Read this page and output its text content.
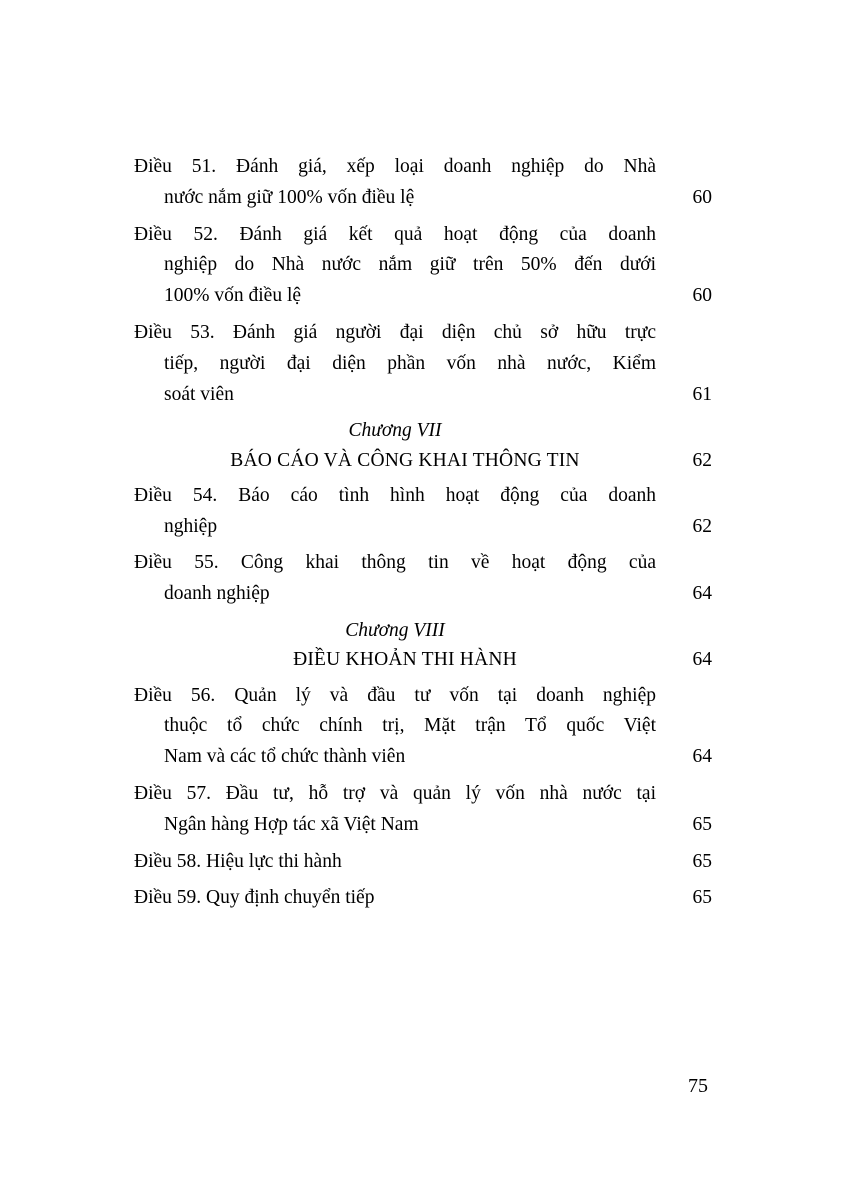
Điều 51. Đánh giá, xếp loại doanh nghiệp do Nhà
nước nắm giữ 100% vốn điều lệ	60
Điều 52. Đánh giá kết quả hoạt động của doanh
nghiệp do Nhà nước nắm giữ trên 50% đến dưới
100% vốn điều lệ	60
Điều 53. Đánh giá người đại diện chủ sở hữu trực
tiếp, người đại diện phần vốn nhà nước, Kiểm
soát viên	61
Chương VII
BÁO CÁO VÀ CÔNG KHAI THÔNG TIN	62
Điều 54. Báo cáo tình hình hoạt động của doanh
nghiệp	62
Điều 55. Công khai thông tin về hoạt động của
doanh nghiệp	64
Chương VIII
ĐIỀU KHOẢN THI HÀNH	64
Điều 56. Quản lý và đầu tư vốn tại doanh nghiệp
thuộc tổ chức chính trị, Mặt trận Tổ quốc Việt
Nam và các tổ chức thành viên	64
Điều 57. Đầu tư, hỗ trợ và quản lý vốn nhà nước tại
Ngân hàng Hợp tác xã Việt Nam	65
Điều 58. Hiệu lực thi hành	65
Điều 59. Quy định chuyển tiếp	65
75
